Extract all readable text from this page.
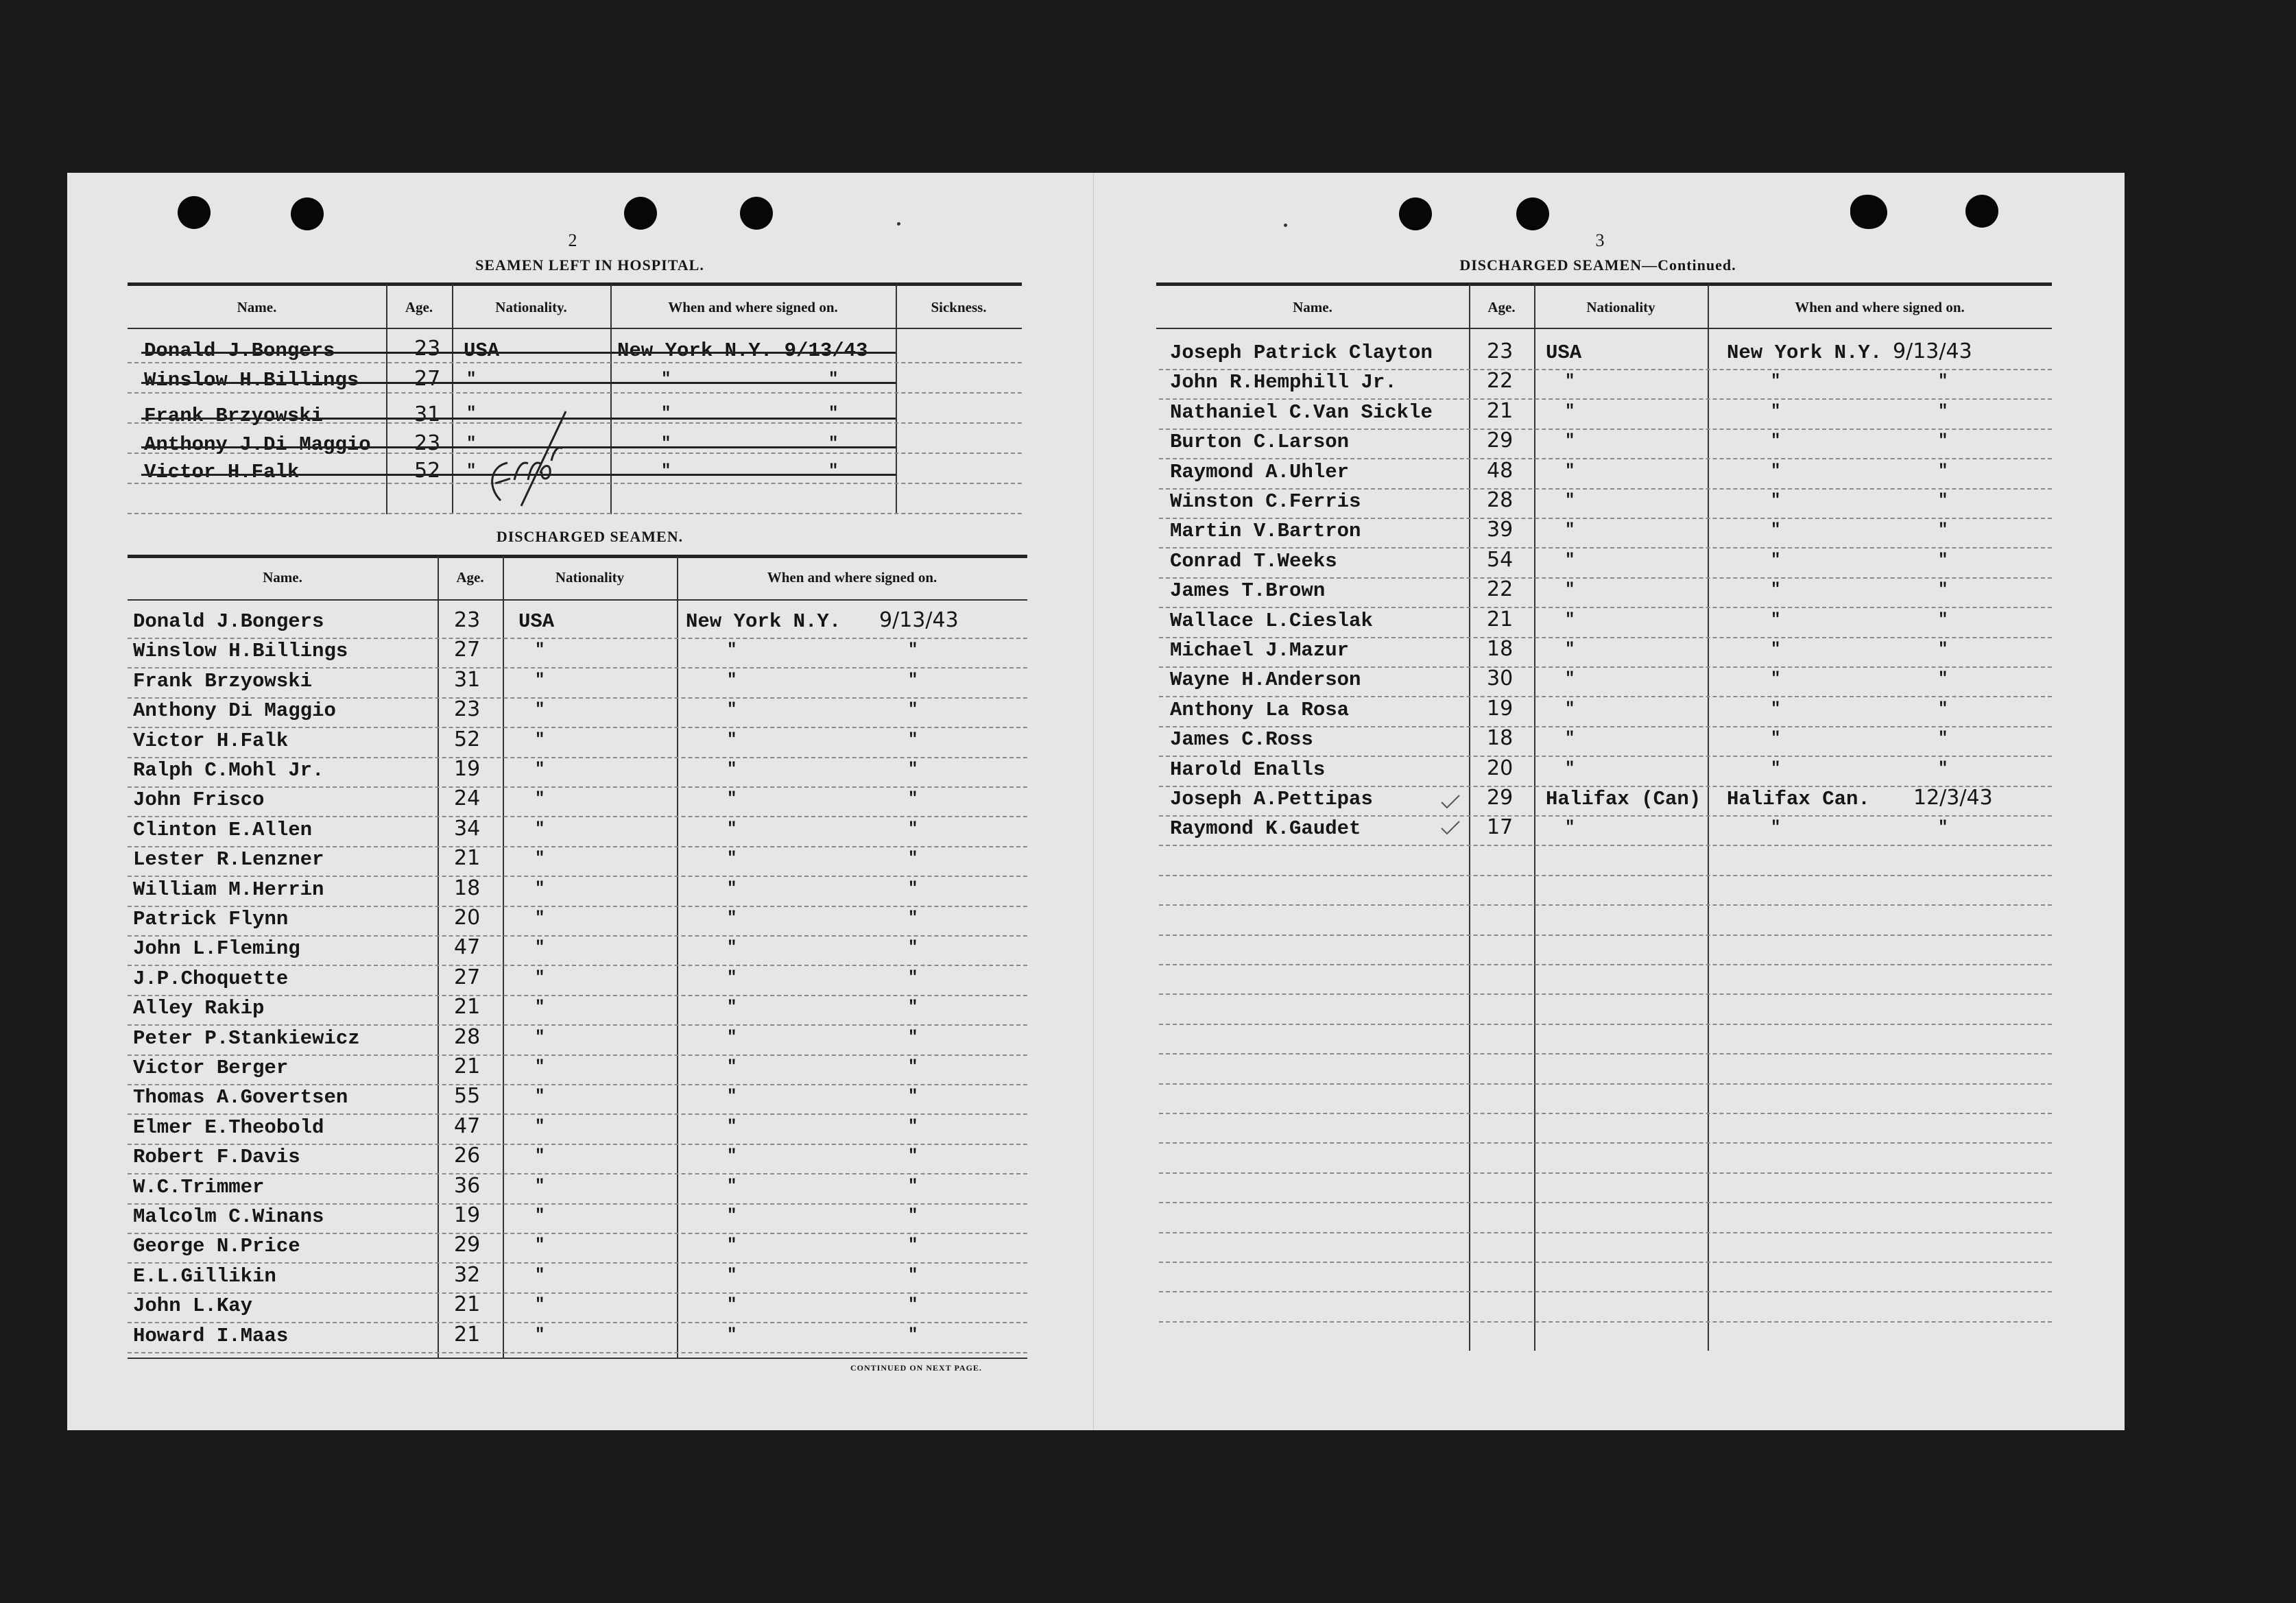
2
SEAMEN LEFT IN HOSPITAL.
Name.	Age.	Nationality.	When and where signed on.	Sickness.
Donald J.Bongers	23 USA	New York N.Y. 9/13/43
Winslow H.Billings	27 "	"	"
Frank Brzyowski	31 "	"	"
Anthony J.Di Maggio 23 "	"	"
Victor H.Falk	52 "	"	"
DISCHARGED SEAMEN.
Name.	Age.	Nationality	When and where signed on.
CONTINUED ON NEXT PAGE.
Donald J.Bongers	23 USA	New York N.Y. 9/13/43
Winslow H.Billings	27	"	"	"
Frank Brzyowski	31	"	"	"
Anthony Di Maggio	23	"	"	"
Victor H.Falk	52	"	"	"
Ralph C.Mohl Jr.	19	"	"	"
John Frisco	24	"	"	"
Clinton E.Allen	34	"	"	"
Lester R.Lenzner	21	"	"	"
William M.Herrin	18	"	"	"
Patrick Flynn	20	"	"	"
John L.Fleming	47	"	"	"
J.P.Choquette	27	"	"	"
Alley Rakip	21	"	"	"
Peter P.Stankiewicz	28	"	"	"
Victor Berger	21	"	"	"
Thomas A.Govertsen	55	"	"	"
Elmer E.Theobold	47	"	"	"
Robert F.Davis	26	"	"	"
W.C.Trimmer	36	"	"	"
Malcolm C.Winans	19	"	"	"
George N.Price	29	"	"	"
E.L.Gillikin	32	"	"	"
John L.Kay	21	"	"	"
Howard I.Maas	21	"	"	"
3
DISCHARGED SEAMEN—Continued.
Name.	Age.	Nationality	When and where signed on.
Joseph Patrick Clayton	23 USA	New York N.Y. 9/13/43
John R.Hemphill Jr.	22	"	"	"
Nathaniel C.Van Sickle	21	"	"	"
Burton C.Larson	29	"	"	"
Raymond A.Uhler	48	"	"	"
Winston C.Ferris	28	"	"	"
Martin V.Bartron	39	"	"	"
Conrad T.Weeks	54	"	"	"
James T.Brown	22	"	"	"
Wallace L.Cieslak	21	"	"	"
Michael J.Mazur	18	"	"	"
Wayne H.Anderson	30	"	"	"
Anthony La Rosa	19	"	"	"
James C.Ross	18	"	"	"
Harold Enalls	20	"	"	"
Joseph A.Pettipas	29 Halifax (Can) Halifax Can. 12/3/43
Raymond K.Gaudet	17	"	"	"
